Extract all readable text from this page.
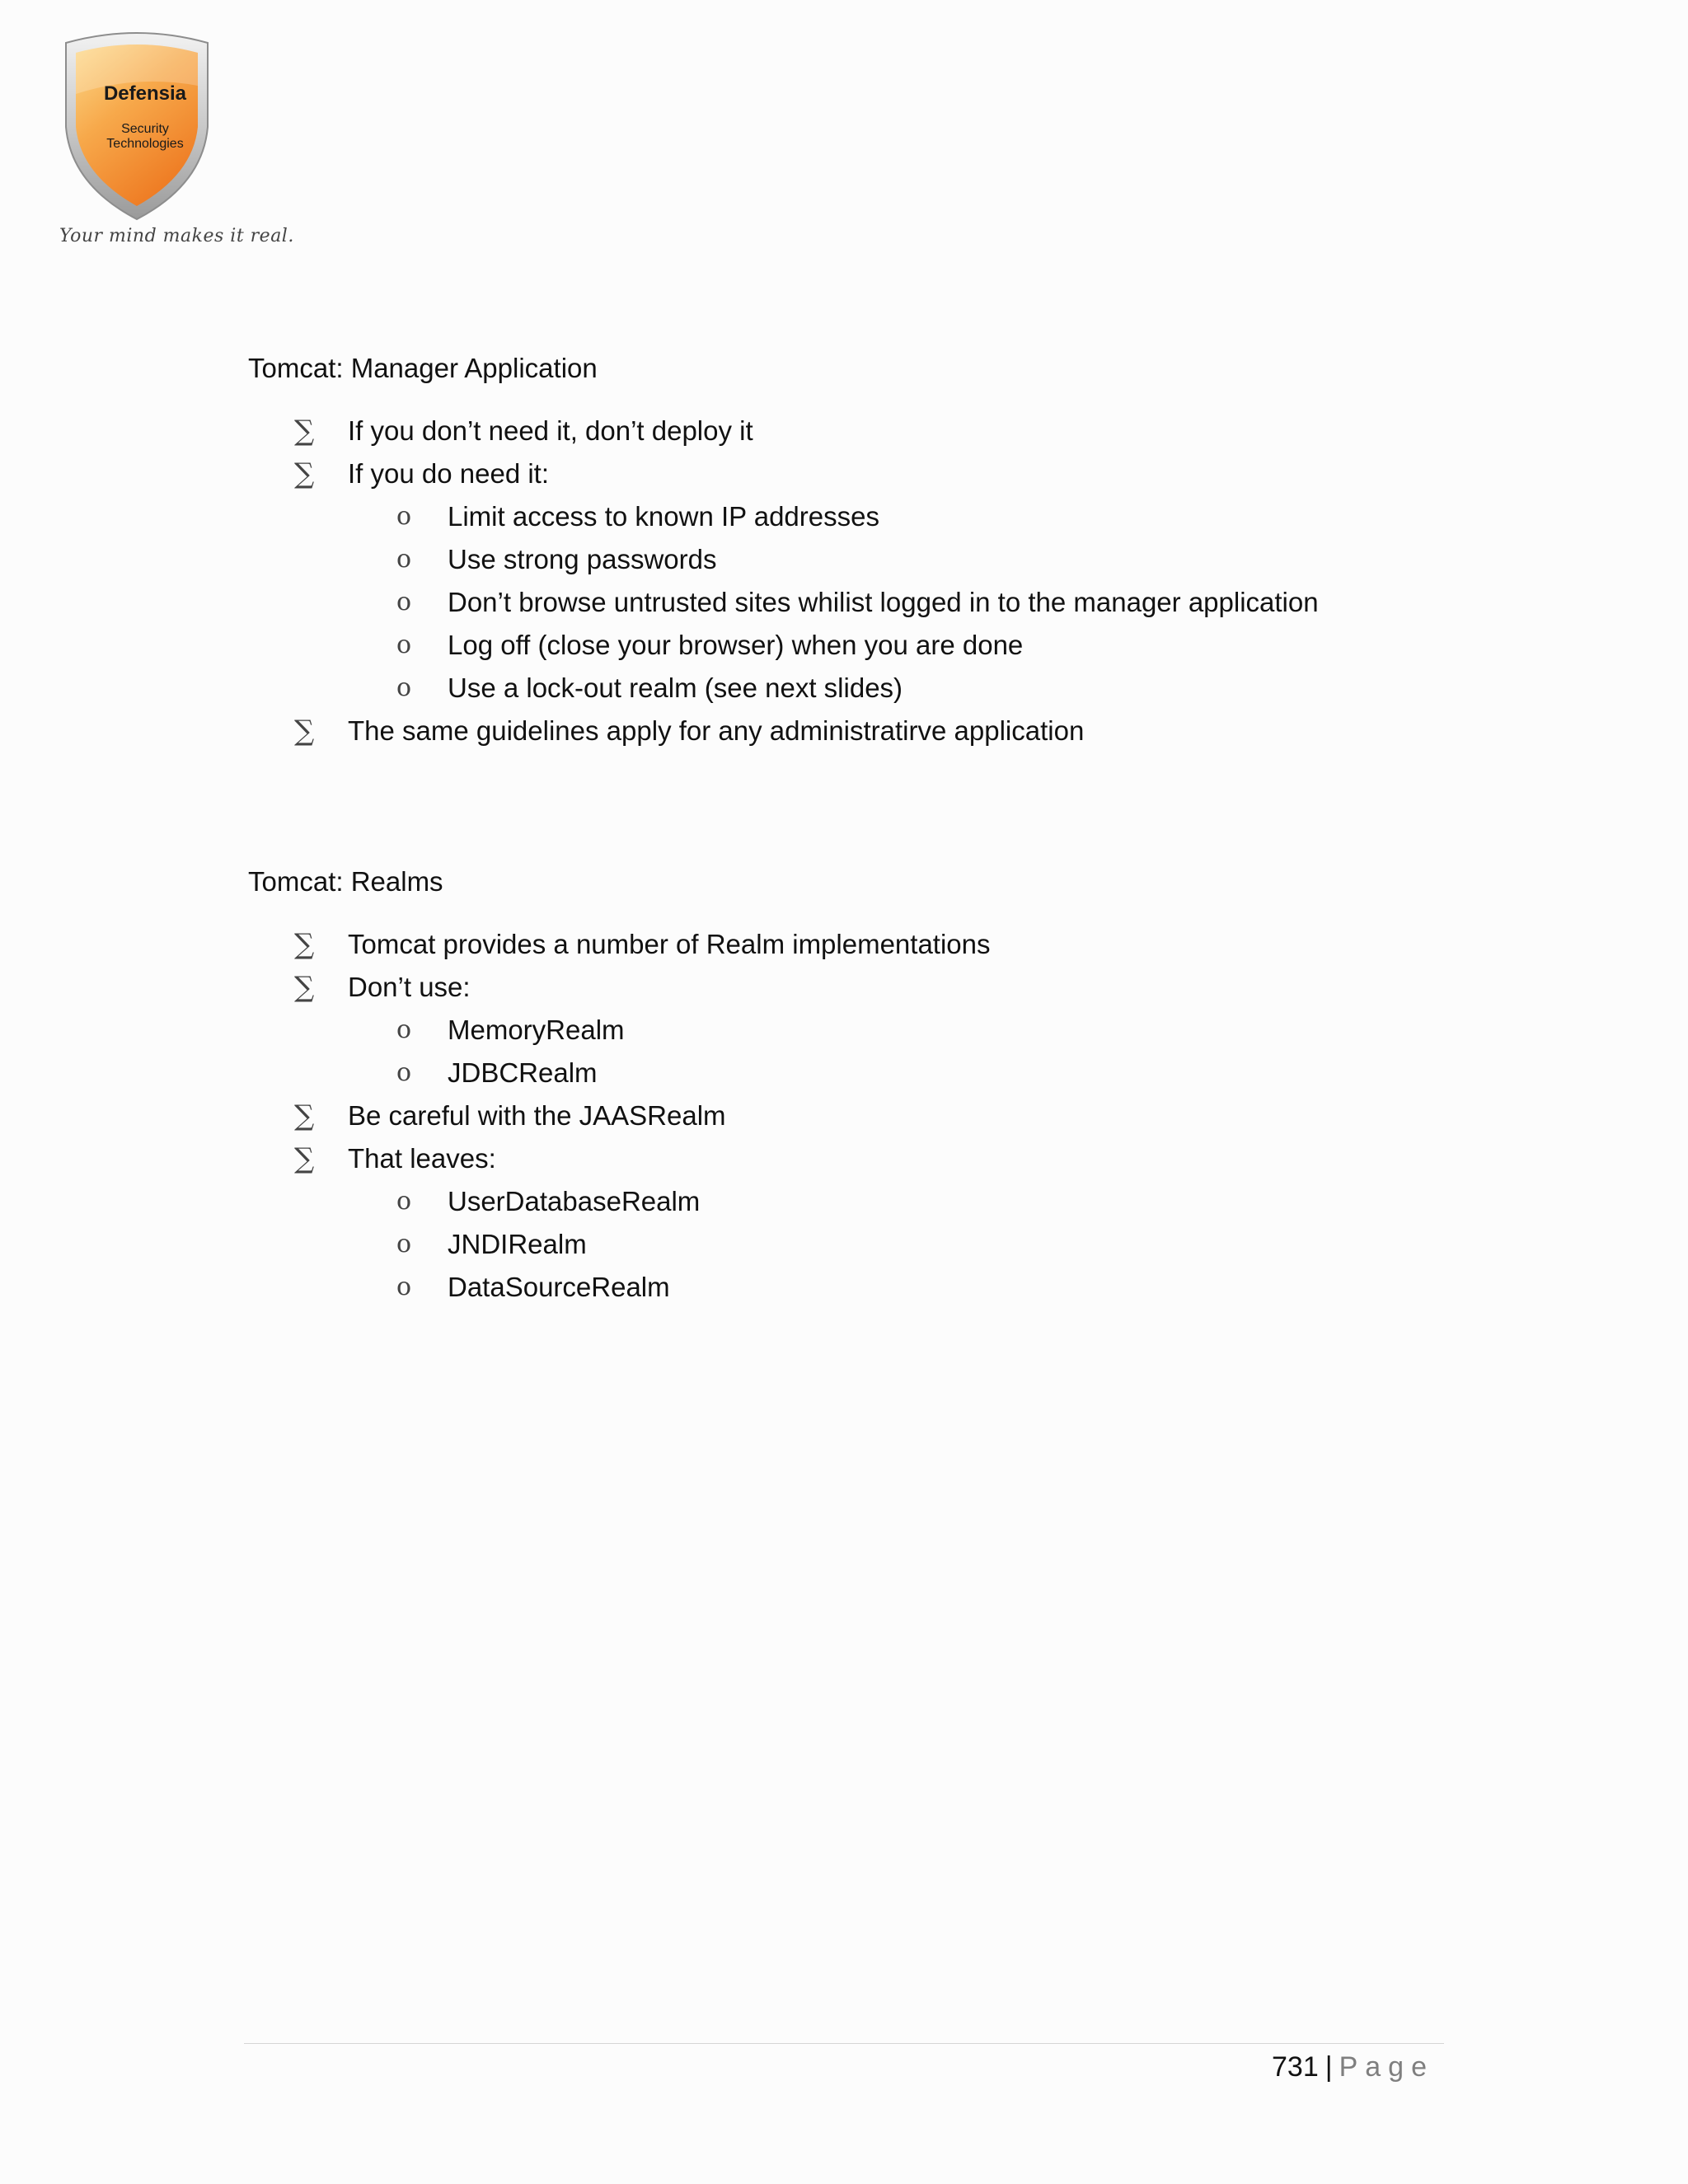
Defensia
Security
Technologies
Your mind makes it real.
Tomcat: Manager Application
∑ If you don’t need it, don’t deploy it
∑ If you do need it:
o Limit access to known IP addresses
o Use strong passwords
o Don’t browse untrusted sites whilist logged in to the manager application
o Log off (close your browser) when you are done
o Use a lock-out realm (see next slides)
∑ The same guidelines apply for any administratirve application
Tomcat: Realms
∑ Tomcat provides a number of Realm implementations
∑ Don’t use:
o MemoryRealm
o JDBCRealm
∑ Be careful with the JAASRealm
∑ That leaves:
o UserDatabaseRealm
o JNDIRealm
o DataSourceRealm
731 | Page
